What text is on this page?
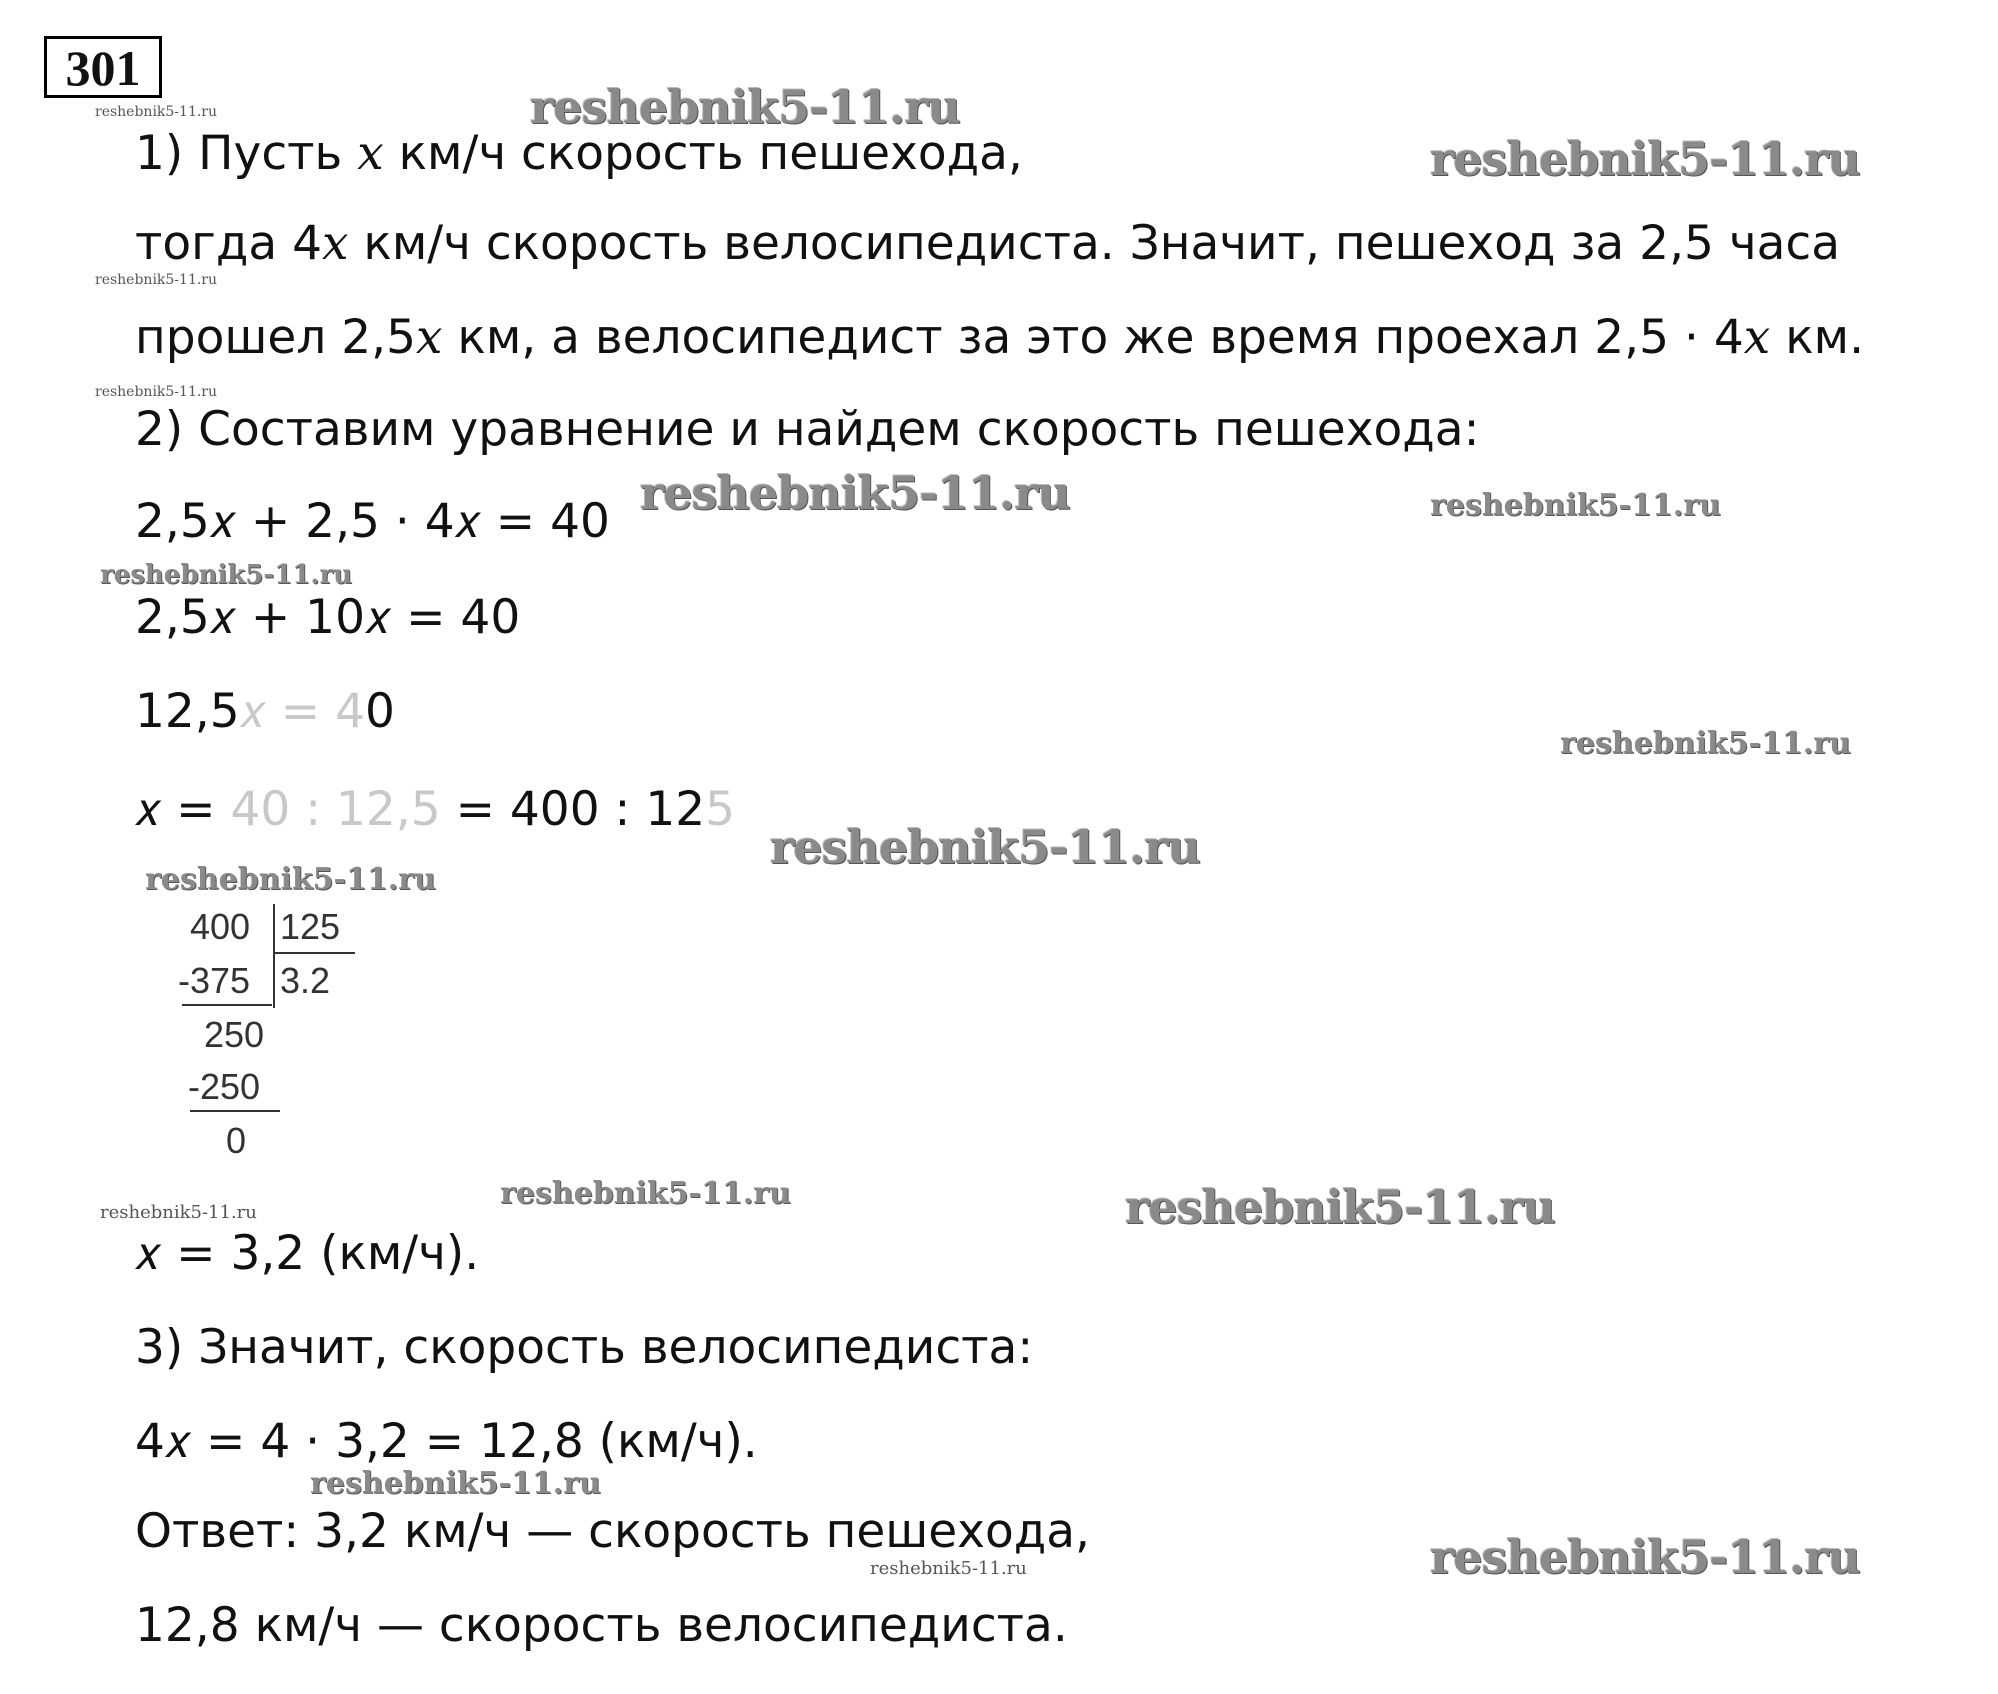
301
reshebnik5-11.ru	reshebnik5-11.ru
reshebnik5-11.ru
reshebnik5-11.ru
reshebnik5-11.ru
reshebnik5-11.ru	reshebnik5-11.ru
reshebnik5-11.ru
reshebnik5-11.ru
reshebnik5-11.ru
reshebnik5-11.ru
reshebnik5-11.ru
reshebnik5-11.ru	reshebnik5-11.ru
reshebnik5-11.ru
reshebnik5-11.ru	reshebnik5-11.ru
1) Пусть x км/ч скорость пешехода,
тогда 4x км/ч скорость велосипедиста. Значит, пешеход за 2,5 часа
прошел 2,5x км, а велосипедист за это же время проехал 2,5 · 4x км.
2) Составим уравнение и найдем скорость пешехода:
2,5𝑥 + 2,5 · 4𝑥 = 40
2,5𝑥 + 10𝑥 = 40
12,5𝑥 = 40
𝑥 = 40 : 12,5 = 400 : 125
400 125
-375 3.2
250
-250
0
𝑥 = 3,2 (км/ч).
3) Значит, скорость велосипедиста:
4𝑥 = 4 · 3,2 = 12,8 (км/ч).
Ответ: 3,2 км/ч — скорость пешехода,
12,8 км/ч — скорость велосипедиста.
